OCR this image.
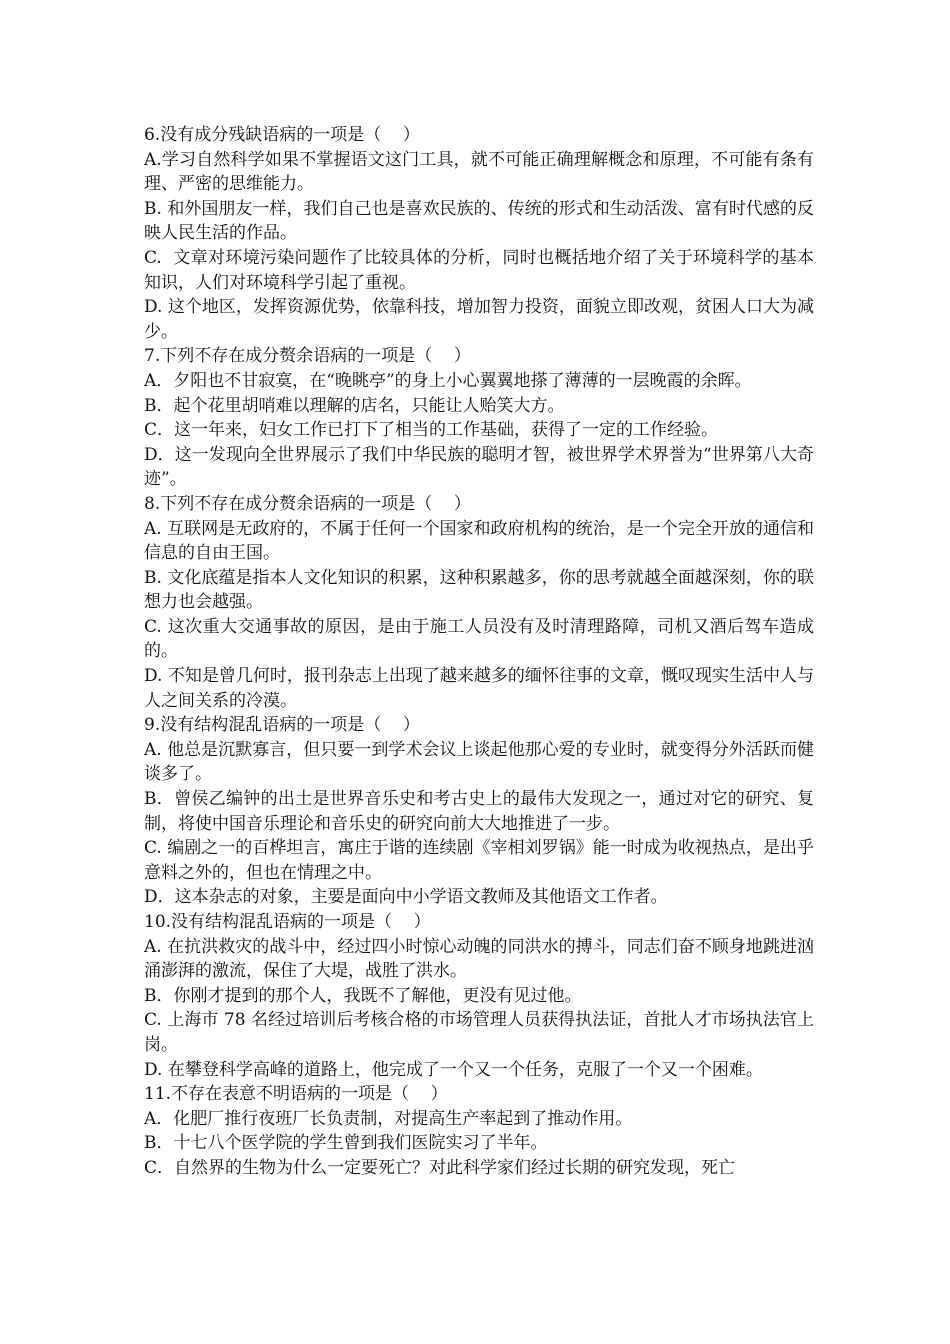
6.没有成分残缺语病的一项是（    ）
A.学习自然科学如果不掌握语文这门工具，就不可能正确理解概念和原理，不可能有条有理、严密的思维能力。
B. 和外国朋友一样，我们自己也是喜欢民族的、传统的形式和生动活泼、富有时代感的反映人民生活的作品。
C.  文章对环境污染问题作了比较具体的分析，同时也概括地介绍了关于环境科学的基本知识，人们对环境科学引起了重视。
D. 这个地区，发挥资源优势，依靠科技，增加智力投资，面貌立即改观，贫困人口大为减少。
7.下列不存在成分赘余语病的一项是（    ）
A．夕阳也不甘寂寞，在“晚眺亭”的身上小心翼翼地搽了薄薄的一层晚霞的余晖。
B．起个花里胡哨难以理解的店名，只能让人贻笑大方。
C．这一年来，妇女工作已打下了相当的工作基础，获得了一定的工作经验。
D．这一发现向全世界展示了我们中华民族的聪明才智，被世界学术界誉为“世界第八大奇迹”。
8.下列不存在成分赘余语病的一项是（    ）
A. 互联网是无政府的，不属于任何一个国家和政府机构的统治，是一个完全开放的通信和信息的自由王国。
B. 文化底蕴是指本人文化知识的积累，这种积累越多，你的思考就越全面越深刻，你的联想力也会越强。
C. 这次重大交通事故的原因，是由于施工人员没有及时清理路障，司机又酒后驾车造成的。
D. 不知是曾几何时，报刊杂志上出现了越来越多的缅怀往事的文章，慨叹现实生活中人与人之间关系的冷漠。
9.没有结构混乱语病的一项是（    ）
A. 他总是沉默寡言，但只要一到学术会议上谈起他那心爱的专业时，就变得分外活跃而健谈多了。
B．曾侯乙编钟的出土是世界音乐史和考古史上的最伟大发现之一，通过对它的研究、复制，将使中国音乐理论和音乐史的研究向前大大地推进了一步。
C. 编剧之一的百桦坦言，寓庄于谐的连续剧《宰相刘罗锅》能一时成为收视热点，是出乎意料之外的，但也在情理之中。
D．这本杂志的对象，主要是面向中小学语文教师及其他语文工作者。
10.没有结构混乱语病的一项是（    ）
A. 在抗洪救灾的战斗中，经过四小时惊心动魄的同洪水的搏斗，同志们奋不顾身地跳进汹涌澎湃的激流，保住了大堤，战胜了洪水。
B．你刚才提到的那个人，我既不了解他，更没有见过他。
C. 上海市 78 名经过培训后考核合格的市场管理人员获得执法证，首批人才市场执法官上岗。
D. 在攀登科学高峰的道路上，他完成了一个又一个任务，克服了一个又一个困难。
11.不存在表意不明语病的一项是（    ）
A．化肥厂推行夜班厂长负责制，对提高生产率起到了推动作用。
B．十七八个医学院的学生曾到我们医院实习了半年。
C．自然界的生物为什么一定要死亡？对此科学家们经过长期的研究发现，死亡
